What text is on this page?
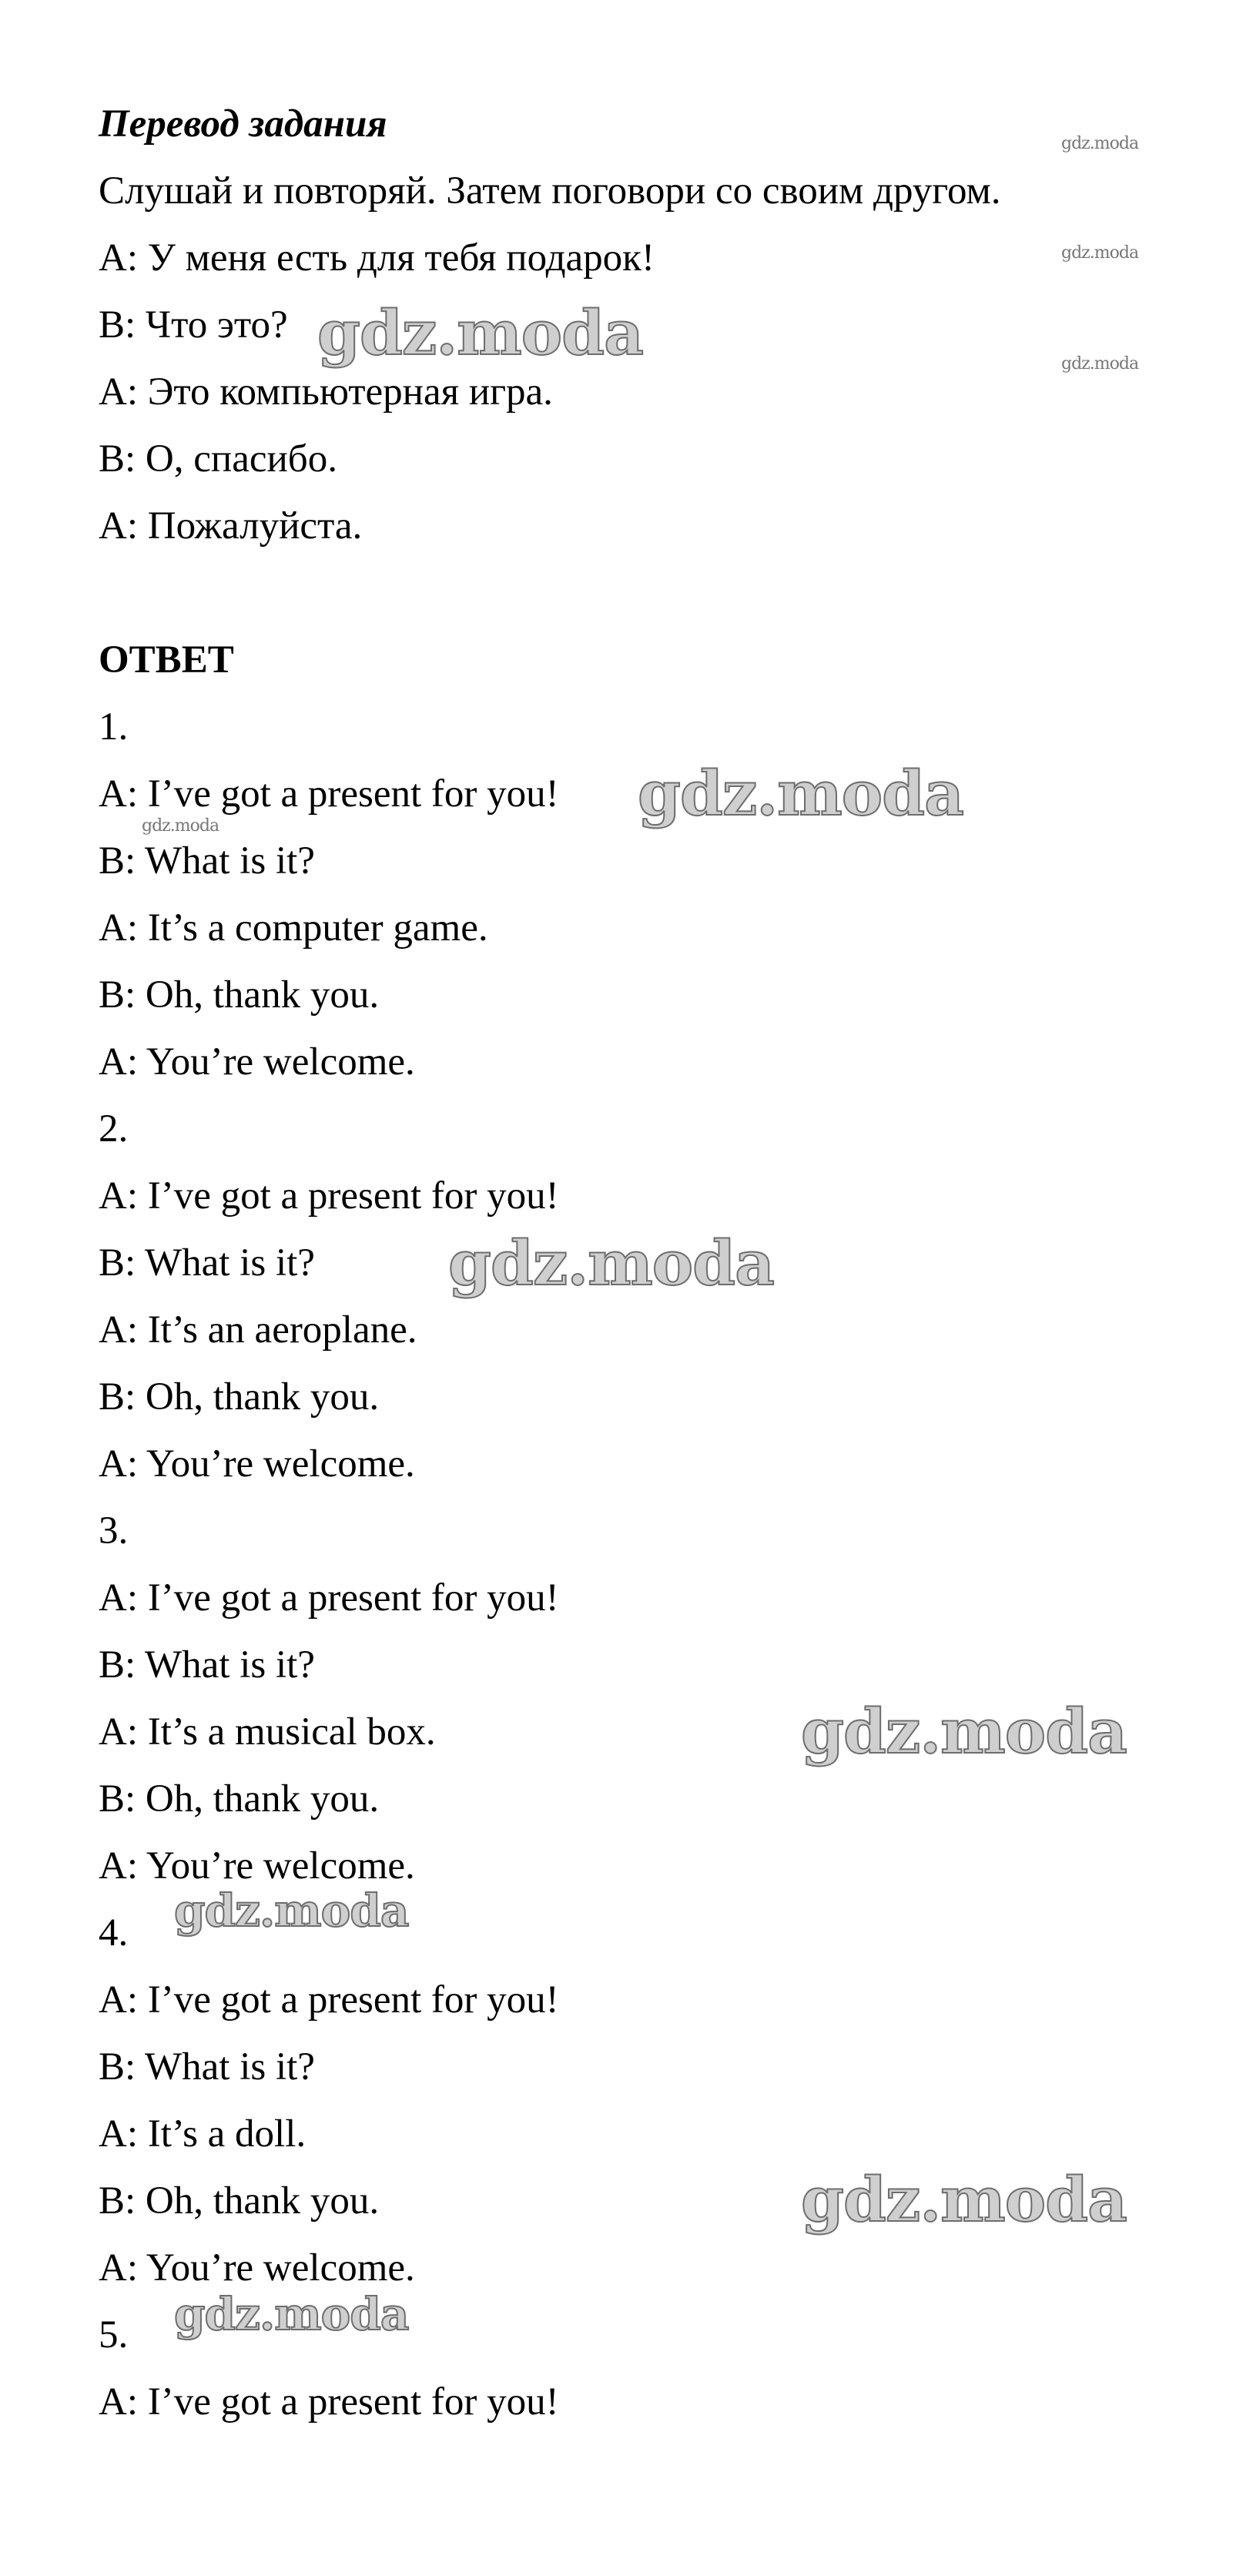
Перевод задания
Слушай и повторяй. Затем поговори со своим другом.
А: У меня есть для тебя подарок!
В: Что это?
А: Это компьютерная игра.
В: О, спасибо.
А: Пожалуйста.
ОТВЕТ
1.
A: I’ve got a present for you!
B: What is it?
A: It’s a computer game.
B: Oh, thank you.
A: You’re welcome.
2.
A: I’ve got a present for you!
B: What is it?
A: It’s an aeroplane.
B: Oh, thank you.
A: You’re welcome.
3.
A: I’ve got a present for you!
B: What is it?
A: It’s a musical box.
B: Oh, thank you.
A: You’re welcome.
4.
A: I’ve got a present for you!
B: What is it?
A: It’s a doll.
B: Oh, thank you.
A: You’re welcome.
5.
A: I’ve got a present for you!
gdz.moda
gdz.moda
gdz.moda
gdz.moda
gdz.moda
gdz.moda
gdz.moda
gdz.moda
gdz.moda
gdz.moda
gdz.moda
